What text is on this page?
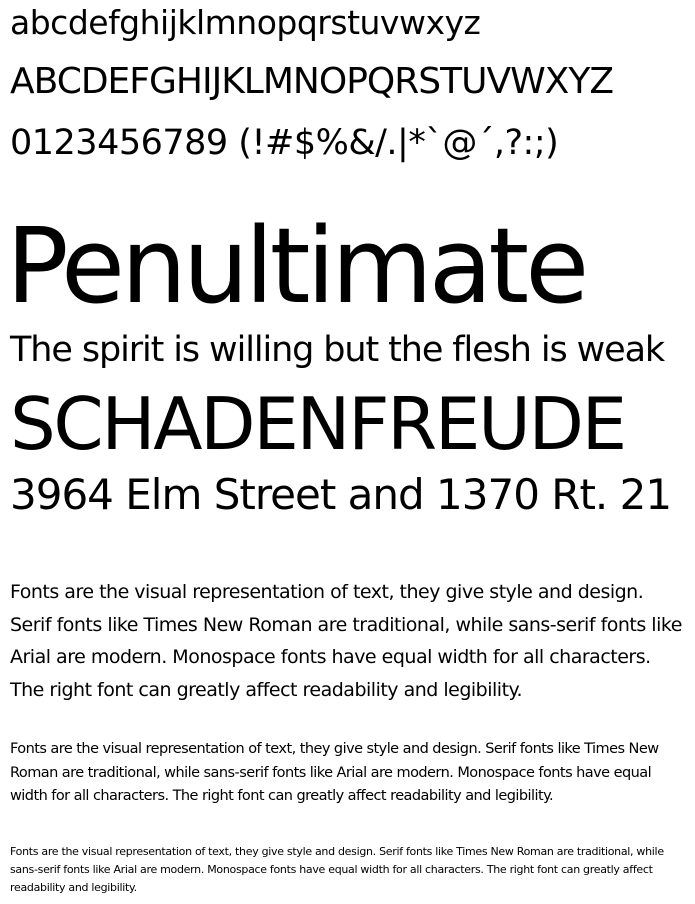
abcdefghijklmnopqrstuvwxyz

ABCDEFGHIJKLMNOPQRSTUVWXYZ

0123456789 (!#$%&/.|*`@´,?:;)

Penultimate

The spirit is willing but the flesh is weak

SCHADENFREUDE

3964 Elm Street and 1370 Rt. 21

Fonts are the visual representation of text, they give style and design. Serif fonts like Times New Roman are traditional, while sans-serif fonts like Arial are modern. Monospace fonts have equal width for all characters. The right font can greatly affect readability and legibility.

Fonts are the visual representation of text, they give style and design. Serif fonts like Times New Roman are traditional, while sans-serif fonts like Arial are modern. Monospace fonts have equal width for all characters. The right font can greatly affect readability and legibility.

Fonts are the visual representation of text, they give style and design. Serif fonts like Times New Roman are traditional, while sans-serif fonts like Arial are modern. Monospace fonts have equal width for all characters. The right font can greatly affect readability and legibility.
